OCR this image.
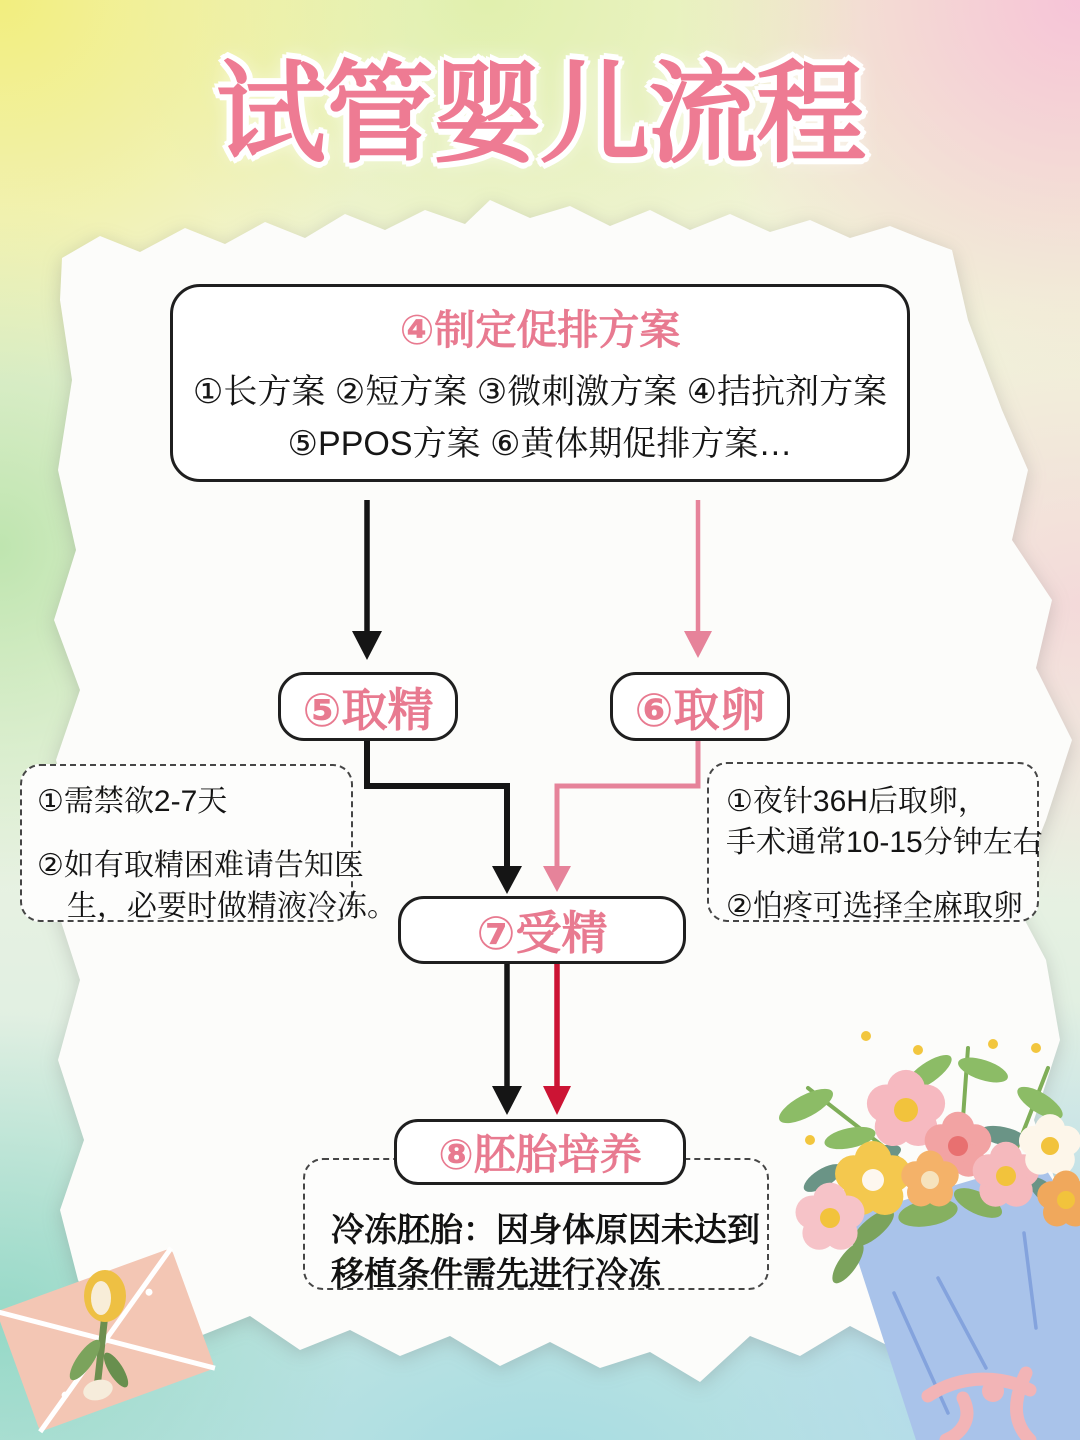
试管婴儿流程
④制定促排方案
①长方案 ②短方案 ③微刺激方案 ④拮抗剂方案
⑤PPOS方案 ⑥黄体期促排方案…
⑤取精	⑥取卵
①需禁欲2-7天
②如有取精困难请告知医
生，必要时做精液冷冻。
①夜针36H后取卵，
手术通常10-15分钟左右
②怕疼可选择全麻取卵
⑦受精
冷冻胚胎：因身体原因未达到
移植条件需先进行冷冻
⑧胚胎培养
